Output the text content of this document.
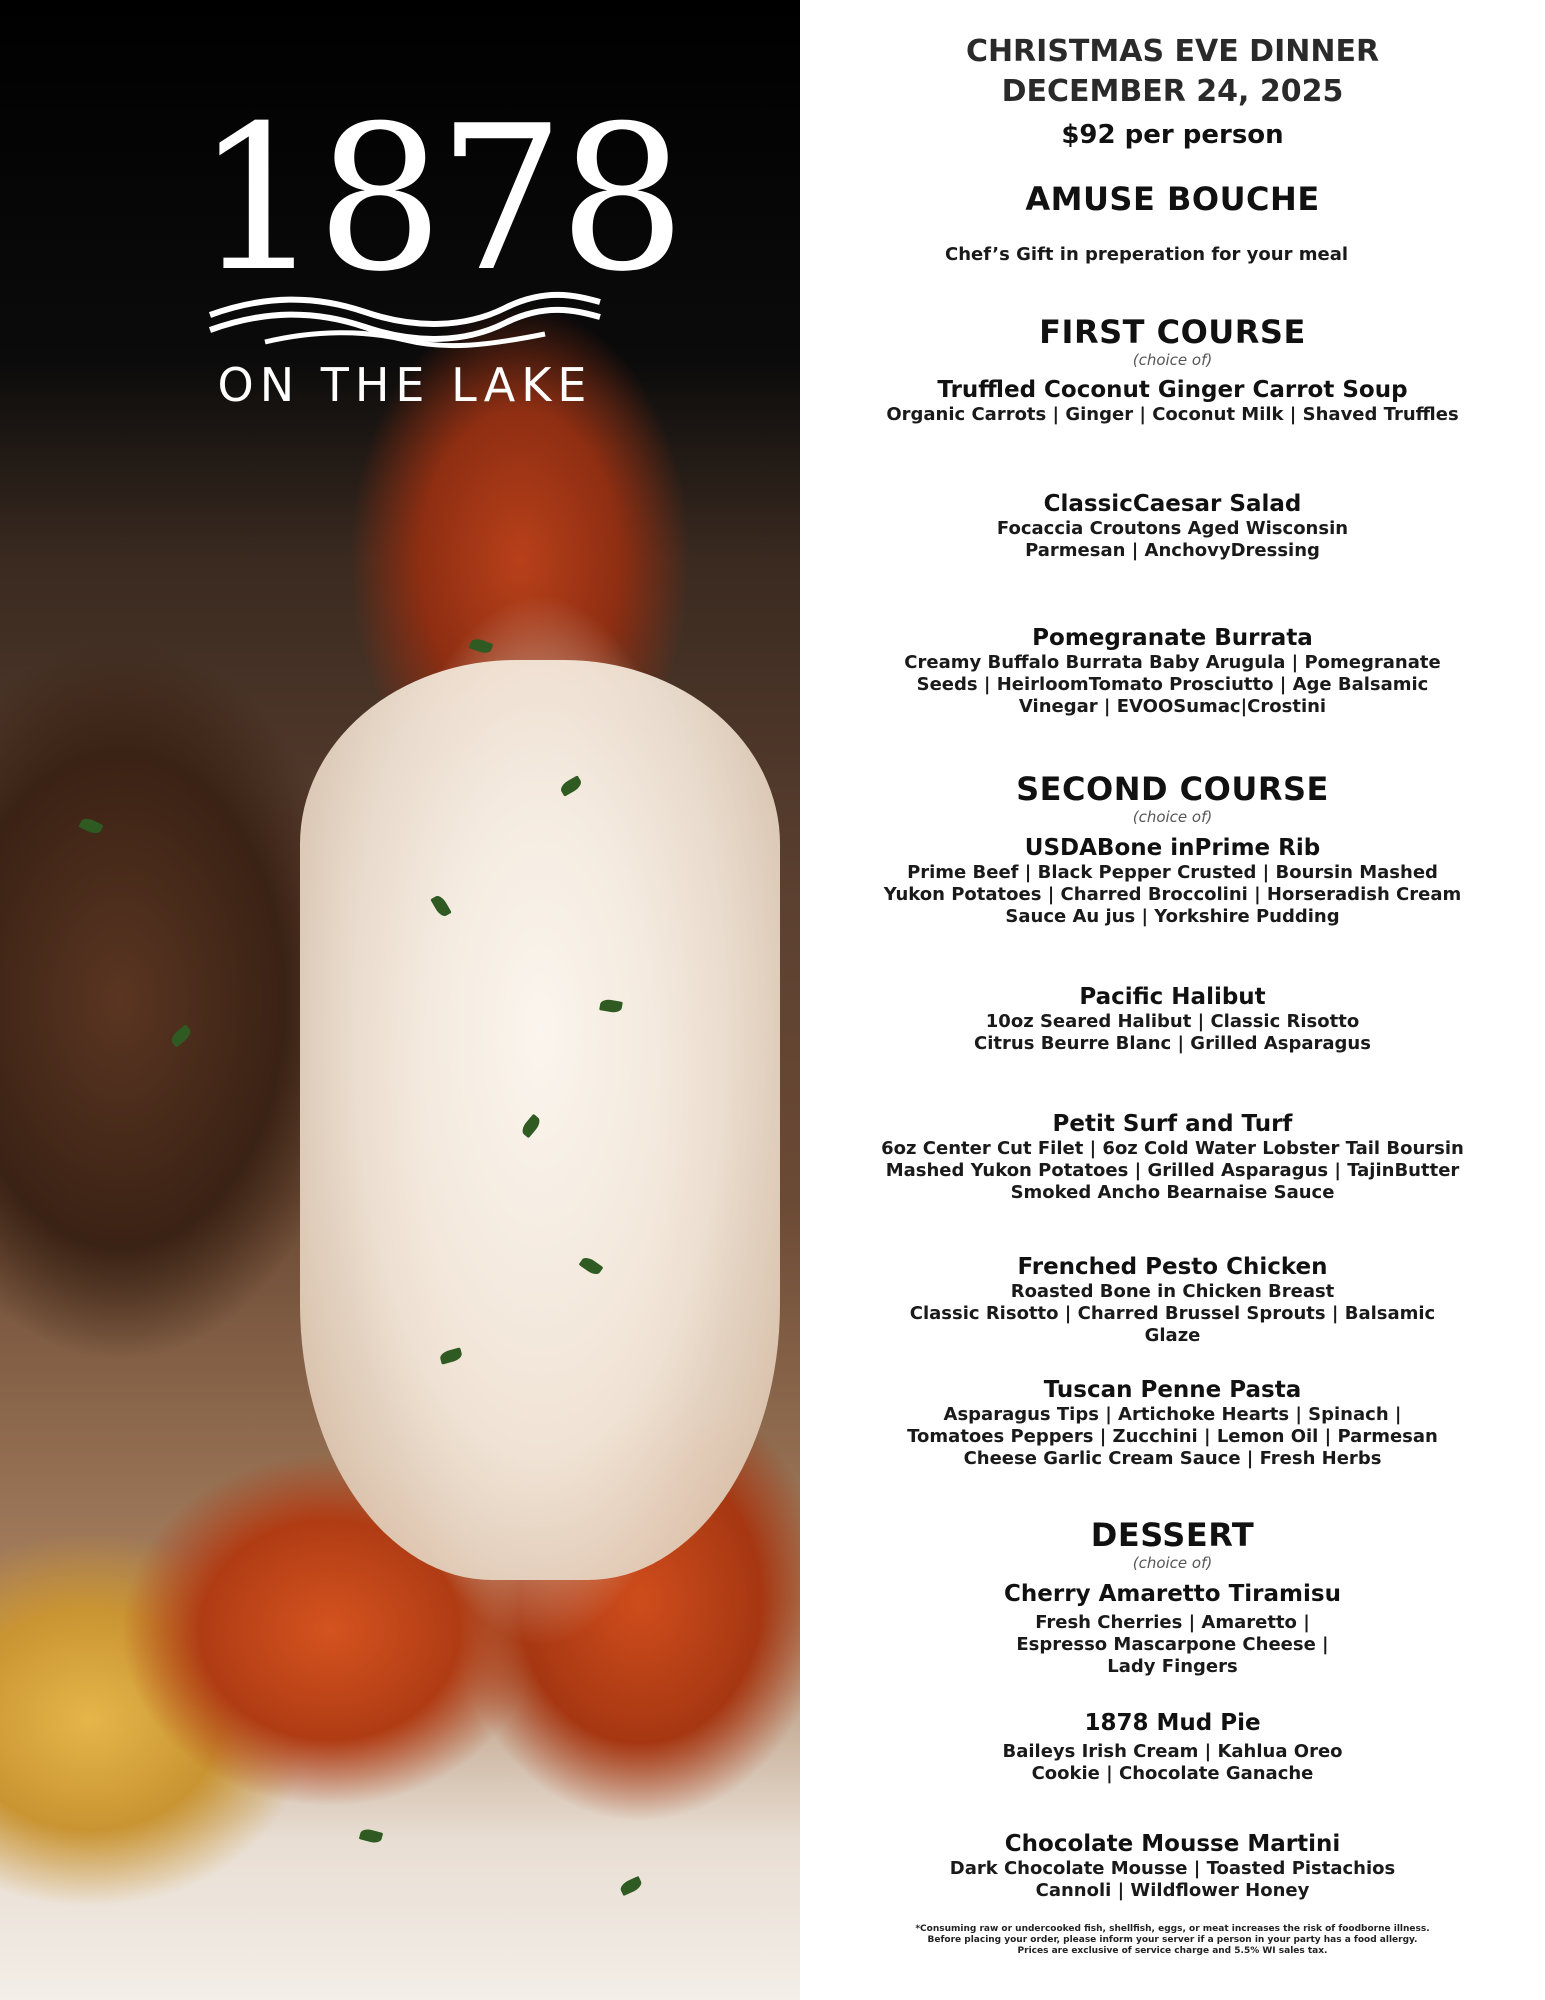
1878
ON THE LAKE
CHRISTMAS EVE DINNER
DECEMBER 24, 2025
$92 per person
AMUSE BOUCHE
Chef’s Gift in preperation for your meal
FIRST COURSE
(choice of)
Truffled Coconut Ginger Carrot Soup
Organic Carrots | Ginger | Coconut Milk | Shaved Truffles
ClassicCaesar Salad
Focaccia Croutons Aged Wisconsin
Parmesan | AnchovyDressing
Pomegranate Burrata
Creamy Buffalo Burrata Baby Arugula | Pomegranate
Seeds | HeirloomTomato Prosciutto | Age Balsamic
Vinegar | EVOOSumac|Crostini
SECOND COURSE
(choice of)
USDABone inPrime Rib
Prime Beef | Black Pepper Crusted | Boursin Mashed
Yukon Potatoes | Charred Broccolini | Horseradish Cream
Sauce Au jus | Yorkshire Pudding
Pacific Halibut
10oz Seared Halibut | Classic Risotto
Citrus Beurre Blanc | Grilled Asparagus
Petit Surf and Turf
6oz Center Cut Filet | 6oz Cold Water Lobster Tail Boursin
Mashed Yukon Potatoes | Grilled Asparagus | TajinButter
Smoked Ancho Bearnaise Sauce
Frenched Pesto Chicken
Roasted Bone in Chicken Breast
Classic Risotto | Charred Brussel Sprouts | Balsamic
Glaze
Tuscan Penne Pasta
Asparagus Tips | Artichoke Hearts | Spinach |
Tomatoes Peppers | Zucchini | Lemon Oil | Parmesan
Cheese Garlic Cream Sauce | Fresh Herbs
DESSERT
(choice of)
Cherry Amaretto Tiramisu
Fresh Cherries | Amaretto |
Espresso Mascarpone Cheese |
Lady Fingers
1878 Mud Pie
Baileys Irish Cream | Kahlua Oreo
Cookie | Chocolate Ganache
Chocolate Mousse Martini
Dark Chocolate Mousse | Toasted Pistachios
Cannoli | Wildflower Honey
*Consuming raw or undercooked fish, shellfish, eggs, or meat increases the risk of foodborne illness. Before placing your order, please inform your server if a person in your party has a food allergy. Prices are exclusive of service charge and 5.5% WI sales tax.
